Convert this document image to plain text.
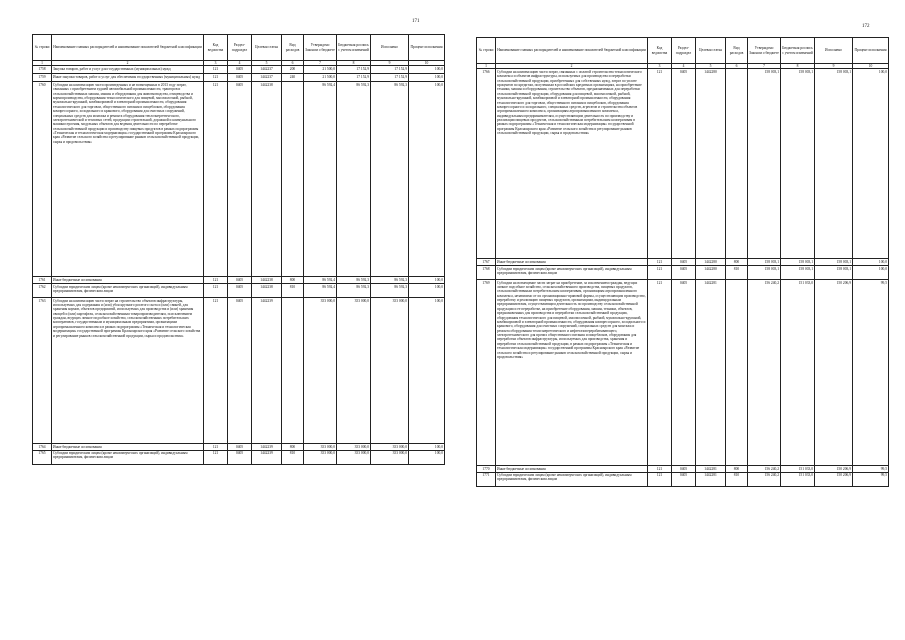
171
№ строки	Наименование главных распорядителей и наименование показателей бюджетной классификации	Код ведомства	Раздел-подраздел	Целевая статья	Вид расходов	Утверждено Законом о бюджете	Бюджетная роспись с учетом изменений	Исполнено	Процент исполнения
1	2	3	4	5	6	7	8	9	10
1758	Закупка товаров, работ и услуг для государственных (муниципальных) нужд	121	0405	1442237	200	21 500,0	17 152,9	17 152,9	100,0
1759	Иные закупки товаров, работ и услуг для обеспечения государственных (муниципальных) нужд	121	0405	1442237	240	21 500,0	17 152,9	17 152,9	100,0
1760	Субсидии на компенсацию части произведенных и не возмещенных в 2013 году затрат, связанных с приобретением худшей автомобильной промышленности, тракторов и сельскохозяйственных машин, машин и оборудования для животноводства, птицеводства и кормопроизводства, оборудования технологического для пищевой, мясомолочной, рыбной, мукомольно-крупяной, комбикормовой и элеваторной промышленности, оборудования технологического для торговли, общественного питания и пищеблоков, оборудования компрессорного, холодильного и кранового, оборудования для очистных сооружений, специальных средств для монтажа и ремонта оборудования теплоэнергетического, электротехнической и тепловых сетей, продукции строительной, дорожной и коммунального машиностроения, модульных объектов для ведения деятельности по переработке сельскохозяйственной продукции и производству пищевых продуктов в рамках подпрограммы «Техническая и технологическая модернизация» государственной программы Красноярского края «Развитие сельского хозяйства и регулирование рынков сельскохозяйственной продукции, сырья и продовольствия»	121	0405	1442238		86 592,4	86 592,3	86 592,3	100,0
1761	Иные бюджетные ассигнования	121	0405	1442238	800	86 592,4	86 592,3	86 592,3	100,0
1762	Субсидии юридическим лицам (кроме некоммерческих организаций), индивидуальным предпринимателям, физическим лицам	121	0405	1442238	810	86 592,4	86 592,3	86 592,3	100,0
1763	Субсидии на компенсацию части затрат на строительство объектов инфраструктуры, используемых для содержания и (или) убоя крупного рогатого скота и (или) свиней, для хранения кормов, объектов предприятий, используемых для производства и (или) хранения овощей и (или) картофеля, сельскохозяйственным товаропроизводителям, за исключением граждан, ведущих личное подсобное хозяйство, сельскохозяйственных потребительских кооперативов, государственным и муниципальным предприятиям, организациям агропромышленного комплекса в рамках подпрограммы «Техническая и технологическая модернизация» государственной программы Красноярского края «Развитие сельского хозяйства и регулирование рынков сельскохозяйственной продукции, сырья и продовольствия»	121	0405	1442239		353 000,0	353 000,0	353 000,0	100,0
1764	Иные бюджетные ассигнования	121	0405	1442239	800	353 000,0	353 000,0	353 000,0	100,0
1765	Субсидии юридическим лицам (кроме некоммерческих организаций), индивидуальным предпринимателям, физическим лицам	121	0405	1442239	810	353 000,0	353 000,0	353 000,0	100,0
172
№ строки	Наименование главных распорядителей и наименование показателей бюджетной классификации	Код ведомства	Раздел-подраздел	Целевая статья	Вид расходов	Утверждено Законом о бюджете	Бюджетная роспись с учетом изменений	Исполнено	Процент исполнения
1	2	3	4	5	6	7	8	9	10
1766	Субсидии на компенсацию части затрат, связанных с оплатой строительства технологического комплекса и объектов инфраструктуры, используемых для производства и переработки сельскохозяйственной продукции, приобретенных для собственных нужд, затрат по уплате процентов по кредитам, полученным в российских кредитных организациях, на приобретение техники, машин и оборудования, строительство объектов, предназначенных для переработки сельскохозяйственной продукции, оборудования для пищевой, мясомолочной, рыбной, мукомольно-крупяной, комбикормовой и элеваторной промышленности, оборудования технологического для торговли, общественного питания и пищеблоков, оборудования компрессорного и холодильного, специальных средств, агрегатов и строительства объектов агропромышленного комплекса, организациям агропромышленного комплекса, индивидуальным предпринимателям, осуществляющим деятельность по производству и реализации пищевых продуктов, сельскохозяйственным потребительским кооперативам в рамках подпрограммы «Техническая и технологическая модернизация» государственной программы Красноярского края «Развитие сельского хозяйства и регулирование рынков сельскохозяйственной продукции, сырья и продовольствия»	121	0405	1442280		158 003,1	158 003,1	158 003,1	100,0
1767	Иные бюджетные ассигнования	121	0405	1442280	800	158 003,1	158 003,1	158 003,1	100,0
1768	Субсидии юридическим лицам (кроме некоммерческих организаций), индивидуальным предпринимателям, физическим лицам	121	0405	1442280	810	158 003,1	158 003,1	158 003,1	100,0
1769	Субсидии на возмещение части затрат на приобретение, за исключением граждан, ведущих личное подсобное хозяйство, сельскохозяйственного производства, пищевых продуктов, сельскохозяйственным потребительским кооперативам, организациям агропромышленного комплекса, независимо от их организационно-правовой формы, осуществляющим производство, переработку и реализацию пищевых продуктов, организациям, индивидуальным предпринимателям, осуществляющим деятельность по производству сельскохозяйственной продукции и ее переработке, на приобретение оборудования, машин, техники, объектов, предназначенных для производства и переработки сельскохозяйственной продукции, оборудования технологического для пищевой, мясомолочной, рыбной, мукомольно-крупяной, комбикормовой и элеваторной промышленности, оборудования компрессорного, холодильного и кранового, оборудования для очистных сооружений, специальных средств для монтажа и ремонта оборудования теплоэнергетического и нефтегазоперерабатывающего, электротехнического для прочих общественного питания и пищеблоков, оборудования для переработки объектов инфраструктуры, используемых для производства, хранения и переработки сельскохозяйственной продукции, в рамках подпрограммы «Техническая и технологическая модернизация» государственной программы Красноярского края «Развитие сельского хозяйства и регулирование рынков сельскохозяйственной продукции, сырья и продовольствия»	121	0405	1442281		156 240,2	151 033,0	150 206,9	99,5
1770	Иные бюджетные ассигнования	121	0405	1442281	800	156 240,2	151 033,0	150 206,9	99,5
1771	Субсидии юридическим лицам (кроме некоммерческих организаций), индивидуальным предпринимателям, физическим лицам	121	0405	1442281	810	156 240,2	151 033,0	150 206,9	99,5
